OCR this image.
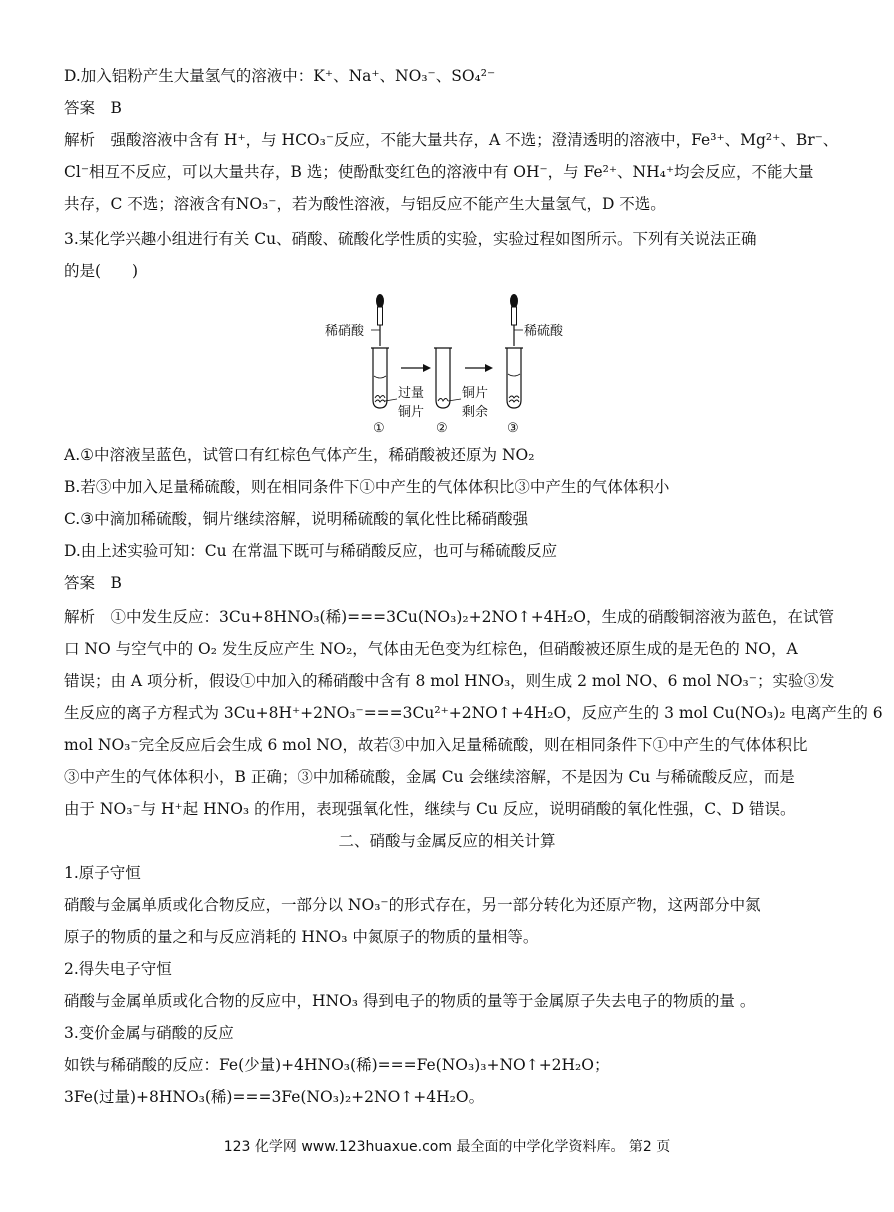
D.加入铝粉产生大量氢气的溶液中：K⁺、Na⁺、NO₃⁻、SO₄²⁻
答案　B
解析　强酸溶液中含有 H⁺，与 HCO₃⁻反应，不能大量共存，A 不选；澄清透明的溶液中，Fe³⁺、Mg²⁺、Br⁻、
Cl⁻相互不反应，可以大量共存，B 选；使酚酞变红色的溶液中有 OH⁻，与 Fe²⁺、NH₄⁺均会反应，不能大量
共存，C 不选；溶液含有NO₃⁻，若为酸性溶液，与铝反应不能产生大量氢气，D 不选。
3.某化学兴趣小组进行有关 Cu、硝酸、硫酸化学性质的实验，实验过程如图所示。下列有关说法正确
的是(　　)
稀硝酸
过量
铜片
铜片
剩余
稀硫酸
①	②	③
A.①中溶液呈蓝色，试管口有红棕色气体产生，稀硝酸被还原为 NO₂
B.若③中加入足量稀硫酸，则在相同条件下①中产生的气体体积比③中产生的气体体积小
C.③中滴加稀硫酸，铜片继续溶解，说明稀硫酸的氧化性比稀硝酸强
D.由上述实验可知：Cu 在常温下既可与稀硝酸反应，也可与稀硫酸反应
答案　B
解析　①中发生反应：3Cu+8HNO₃(稀)===3Cu(NO₃)₂+2NO↑+4H₂O，生成的硝酸铜溶液为蓝色，在试管
口 NO 与空气中的 O₂ 发生反应产生 NO₂，气体由无色变为红棕色，但硝酸被还原生成的是无色的 NO，A
错误；由 A 项分析，假设①中加入的稀硝酸中含有 8 mol HNO₃，则生成 2 mol NO、6 mol NO₃⁻；实验③发
生反应的离子方程式为 3Cu+8H⁺+2NO₃⁻===3Cu²⁺+2NO↑+4H₂O，反应产生的 3 mol Cu(NO₃)₂ 电离产生的 6
mol NO₃⁻完全反应后会生成 6 mol NO，故若③中加入足量稀硫酸，则在相同条件下①中产生的气体体积比
③中产生的气体体积小，B 正确；③中加稀硫酸，金属 Cu 会继续溶解，不是因为 Cu 与稀硫酸反应，而是
由于 NO₃⁻与 H⁺起 HNO₃ 的作用，表现强氧化性，继续与 Cu 反应，说明硝酸的氧化性强，C、D 错误。
二、硝酸与金属反应的相关计算
1.原子守恒
硝酸与金属单质或化合物反应，一部分以 NO₃⁻的形式存在，另一部分转化为还原产物，这两部分中氮
原子的物质的量之和与反应消耗的 HNO₃ 中氮原子的物质的量相等。
2.得失电子守恒
硝酸与金属单质或化合物的反应中，HNO₃ 得到电子的物质的量等于金属原子失去电子的物质的量 。
3.变价金属与硝酸的反应
如铁与稀硝酸的反应：Fe(少量)+4HNO₃(稀)===Fe(NO₃)₃+NO↑+2H₂O；
3Fe(过量)+8HNO₃(稀)===3Fe(NO₃)₂+2NO↑+4H₂O。
123 化学网 www.123huaxue.com 最全面的中学化学资料库。 第2 页
